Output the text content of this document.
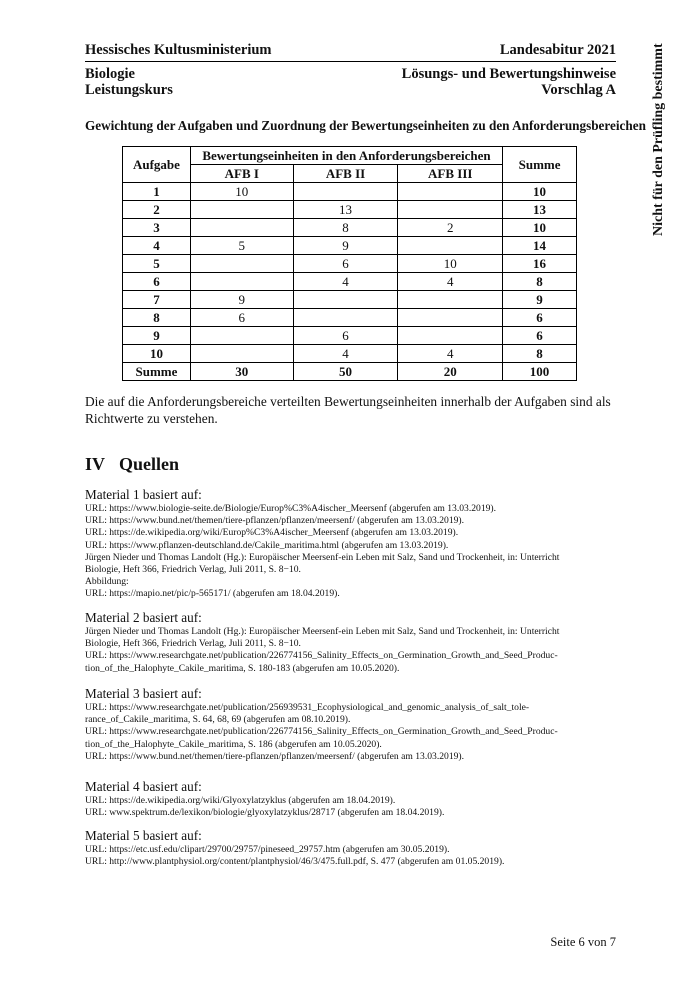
Hessisches Kultusministerium	Landesabitur 2021
Biologie	Lösungs- und Bewertungshinweise
Leistungskurs	Vorschlag A	Nicht für den Prüfling bestimmt
Gewichtung der Aufgaben und Zuordnung der Bewertungseinheiten zu den Anforderungsbereichen
Aufgabe	Bewertungseinheiten in den Anforderungsbereichen			Summe
	AFB I	AFB II	AFB III	
1	10			10
2		13		13
3		8	2	10
4	5	9		14
5		6	10	16
6		4	4	8
7	9			9
8	6			6
9		6		6
10		4	4	8
Summe	30	50	20	100
Die auf die Anforderungsbereiche verteilten Bewertungseinheiten innerhalb der Aufgaben sind als Richtwerte zu verstehen.
IV Quellen
Material 1 basiert auf:
URL: https://www.biologie-seite.de/Biologie/Europ%C3%A4ischer_Meersenf (abgerufen am 13.03.2019).
URL: https://www.bund.net/themen/tiere-pflanzen/pflanzen/meersenf/ (abgerufen am 13.03.2019).
URL: https://de.wikipedia.org/wiki/Europ%C3%A4ischer_Meersenf (abgerufen am 13.03.2019).
URL: https://www.pflanzen-deutschland.de/Cakile_maritima.html (abgerufen am 13.03.2019).
Jürgen Nieder und Thomas Landolt (Hg.): Europäischer Meersenf-ein Leben mit Salz, Sand und Trockenheit, in: Unterricht
Biologie, Heft 366, Friedrich Verlag, Juli 2011, S. 8−10.
Abbildung:
URL: https://mapio.net/pic/p-565171/ (abgerufen am 18.04.2019).
Material 2 basiert auf:
Jürgen Nieder und Thomas Landolt (Hg.): Europäischer Meersenf-ein Leben mit Salz, Sand und Trockenheit, in: Unterricht
Biologie, Heft 366, Friedrich Verlag, Juli 2011, S. 8−10.
URL: https://www.researchgate.net/publication/226774156_Salinity_Effects_on_Germination_Growth_and_Seed_Produc-
tion_of_the_Halophyte_Cakile_maritima, S. 180-183 (abgerufen am 10.05.2020).
Material 3 basiert auf:
URL: https://www.researchgate.net/publication/256939531_Ecophysiological_and_genomic_analysis_of_salt_tole-
rance_of_Cakile_maritima, S. 64, 68, 69 (abgerufen am 08.10.2019).
URL: https://www.researchgate.net/publication/226774156_Salinity_Effects_on_Germination_Growth_and_Seed_Produc-
tion_of_the_Halophyte_Cakile_maritima, S. 186 (abgerufen am 10.05.2020).
URL: https://www.bund.net/themen/tiere-pflanzen/pflanzen/meersenf/ (abgerufen am 13.03.2019).
Material 4 basiert auf:
URL: https://de.wikipedia.org/wiki/Glyoxylatzyklus (abgerufen am 18.04.2019).
URL: www.spektrum.de/lexikon/biologie/glyoxylatzyklus/28717 (abgerufen am 18.04.2019).
Material 5 basiert auf:
URL: https://etc.usf.edu/clipart/29700/29757/pineseed_29757.htm (abgerufen am 30.05.2019).
URL: http://www.plantphysiol.org/content/plantphysiol/46/3/475.full.pdf, S. 477 (abgerufen am 01.05.2019).
Seite 6 von 7
